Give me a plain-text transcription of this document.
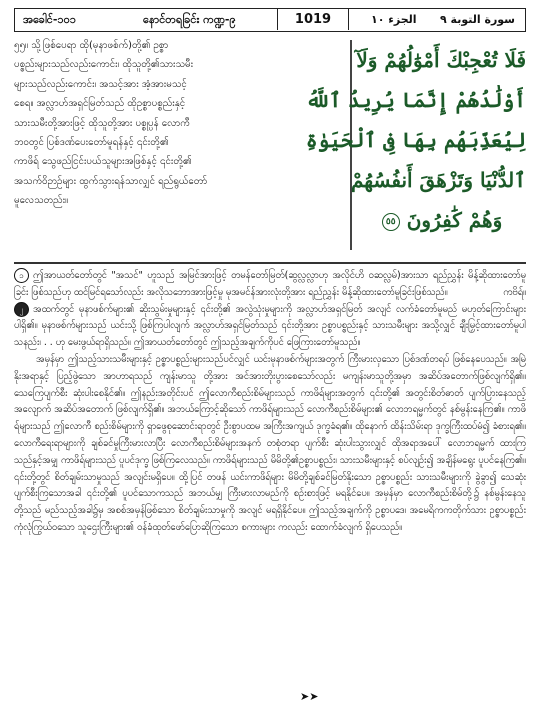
အခေါင်-၁၀၁	နောင်တရခြင်း ကဏ္ဍ-၉	1019	الجزء ١٠ سورة التوبة ٩

၅၅။ သို့ဖြစ်ပေရာ ထို(မုနာဖစ်က်)တို့၏ ဥစ္စာ

ပစ္စည်းများသည်လည်းကောင်း၊ ထိုသူတို့၏သားသမီး

များသည်လည်းကောင်း၊ အသင့်အား အံ့အားမသင့်

စေရ။ အလ္လာဟ်အရှင်မြတ်သည် ထိုဥစ္စာပစ္စည်းနှင့်

သားသမီးတို့အားဖြင့် ထိုသူတို့အား ပစ္စုပ္ပန် လောကီ

ဘဝတွင် ပြစ်ဒဏ်ပေးတော်မူရန်နှင့် ၎င်းတို့၏

ကာဖိရ် သွေဖည်ငြင်းပယ်သူများအဖြစ်နှင့် ၎င်းတို့၏

အသက်ဝိဉာဉ်များ ထွက်သွားရန်သာလျှင် ရည်ရွယ်တော်

မူလေသတည်း။

فَلَا تُعْجِبْكَ أَمْوَٰلُهُمْ وَلَآ
أَوْلَٰدُهُمْ إِنَّمَا يُرِيدُ ٱللَّهُ
لِيُعَذِّبَهُم بِهَا فِى ٱلْحَيَوٰةِ
ٱلدُّنْيَا وَتَزْهَقَ أَنفُسُهُمْ
وَهُمْ كَٰفِرُونَ ٥٥

၁ ဤအာယတ်တော်တွင် "အသင်" ဟူသည် အမြင်အားဖြင့် တမန်တော်မြတ်(ဆွလ္လလ္လာဟု အလိုင်ဟိ ဝဆလ္လမ်)အားသာ ရည်ညွှန်း မိန့်ဆိုထားတော်မူခြင်း ဖြစ်သည်ဟု ထင်မြင်ရသော်လည်း အလိုသဘောအားဖြင့်မှု မုအမင်န်အားလုံးတို့အား ရည်ညွှန်း မိန့်ဆိုထားတော်မူခြင်းဖြစ်သည်။	ကဗိရ်။

၂ အထက်တွင် မုနာဖစ်က်များ၏ ဆိုးသွမ်းမှုများနှင့် ၎င်းတို့၏ အလွဲသုံးမှုများကို အလ္လာဟ်အရှင်မြတ် အလျင် လက်ခံတော်မူမည် မဟုတ်ကြောင်းများ ပါရှိ၏။ မုနာဖစ်က်များသည် ယင်းသို့ ဖြစ်ကြပါလျက် အလ္လာဟ်အရှင်မြတ်သည် ၎င်းတို့အား ဥစ္စာပစ္စည်းနှင့် သားသမီးများ အသို့လျှင် ချီးမြှင့်ထားတော်မူပါသနည်း၊ . . ဟု မေးဖွယ်ရာရှိသည်။ ဤအာယတ်တော်တွင် ဤသည့်အချက်ကိုပင် ဖြေကြားတော်မူသည်။

အမှန်မှာ ဤသည့်သားသမီးများနှင့် ဥစ္စာပစ္စည်းများသည်ပင်လျှင် ယင်းမုနာဖစ်က်များအတွက် ကြီးမားလှသော ပြစ်ဒဏ်တရပ် ဖြစ်နေပေသည်။ အမြဲနိုးအရာနှင့် ပြည့်ဖွဲသော အာဟာရသည် ကျန်းမာသူ တို့အား အင်အားတိုးပွားစေသော်လည်း မကျန်းမာသူတို့အမှာ အဆိပ်အတောက်ဖြစ်လျက်ရှိ၏။ သေကြေပျက်စီး ဆုံးပါးစေနိုင်၏။ ဤနည်းအတိုင်းပင် ဤလောကီစည်းစိမ်များသည် ကာဖိရ်များအတွက် ၎င်းတို့၏ အတွင်းစိတ်ဓာတ် ပျက်ပြားနေသည့်အလျောက် အဆိပ်အတောက် ဖြစ်လျက်ရှိ၏။ အဘယ်ကြောင့်ဆိုသော် ကာဖိရ်များသည် လောကီစည်းစိမ်များ၏ လောဘရမ္မက်တွင် နစ်မွန်းနေကြ၏။ ကာဖိရ်များသည် ဤလောကီ စည်းစိမ်များကို ရှာဖွေစုဆောင်းရာတွင် ဦးစွာပထမ အကြီးအကျယ် ဒုက္ခခံရ၏။ ထိုနောက် ထိန်းသိမ်းရာ ဒုက္ခကြီးထပ်မံ၍ ခံစားရ၏။ လောကီရေးရာများကို ချစ်ခင်မှုကြီးမားလာပြီး လောကီစည်းစိမ်များအနက် တစုံတရာ ပျက်စီး ဆုံးပါးသွားလျှင် ထိုအရာအပေါ် လောဘရမ္မက် ထားကြသည်နှင့်အမျှ ကာဖိရ်များသည် ပူပင်ဒုက္ခ ဖြစ်ကြလေသည်။ ကာဖိရ်များသည် မိမိတို့၏ဥစ္စာပစ္စည်း၊ သားသမီးများနှင့် စပ်လျဉ်း၍ အချိန်မရွေး ပူပင်နေကြ၏။ ၎င်းတို့တွင် စိတ်ချမ်းသာမှုသည် အလျင်းမရှိပေ။ ထို့ပြင် တဖန် ယင်းကာဖိရ်များ မိမိတို့ချစ်ခင်မြတ်နိုးသော ဥစ္စာပစ္စည်း သားသမီးများကို ခွဲခွာ၍ သေဆုံးပျက်စီးကြသောအခါ ၎င်းတို့၏ ပူပင်သောကသည် အဘယ်မျှ ကြီးမားလာမည်ကို စဉ်းစားဖြင့် မရနိုင်ပေ။ အမှန်မှာ လောကီစည်းစိမ်တို့၌ နစ်မွန်းနေသူတို့သည် မည်သည့်အခါ၌မှ အစစ်အမှန်ဖြစ်သော စိတ်ချမ်းသာမှုကို အလျင် မရရှိနိုင်ပေ။ ဤသည့်အချက်ကို ဥစ္စာပဒေ၊ အမေရိကကတိုက်သား ဥစ္စာပစ္စည်း ကုံလုံကြွယ်ဝသော သူဌေးကြီးများ၏ ဝန်ခံထုတ်ဖော်ပြောဆိုကြသော စကားများ ကလည်း ထောက်ခံလျက် ရှိပေသည်။

➤➤
